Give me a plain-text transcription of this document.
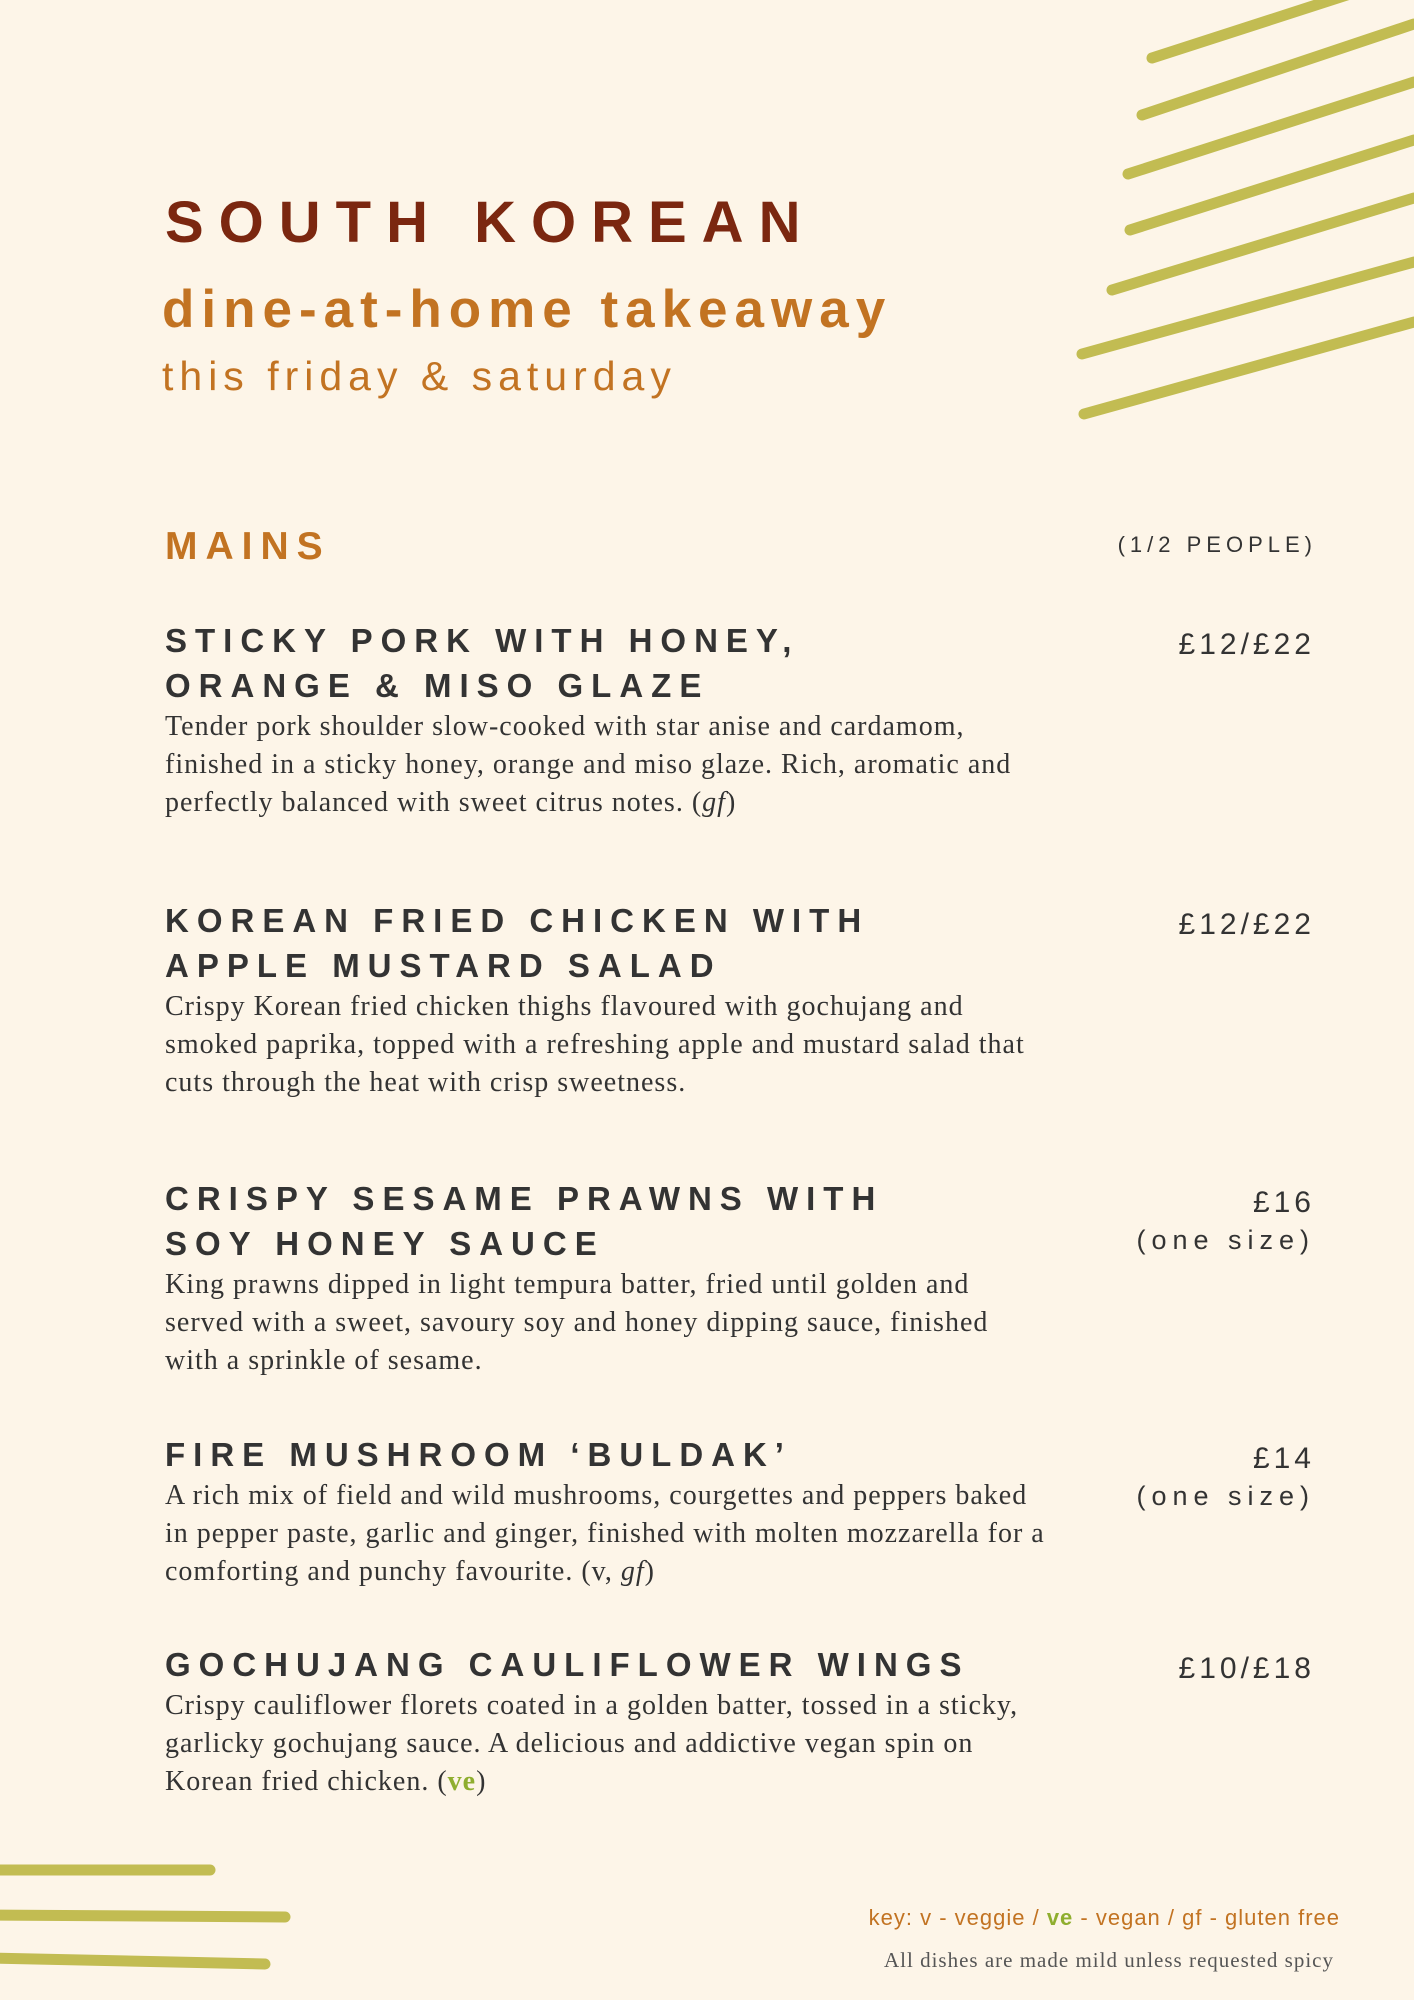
SOUTH KOREAN
dine-at-home takeaway
this friday & saturday
MAINS	(1/2 PEOPLE)
STICKY PORK WITH HONEY,
ORANGE & MISO GLAZE

Tender pork shoulder slow-cooked with star anise and cardamom, finished in a sticky honey, orange and miso glaze. Rich, aromatic and perfectly balanced with sweet citrus notes. (gf)

£12/£22
KOREAN FRIED CHICKEN WITH
APPLE MUSTARD SALAD

Crispy Korean fried chicken thighs flavoured with gochujang and smoked paprika, topped with a refreshing apple and mustard salad that cuts through the heat with crisp sweetness.

£12/£22
CRISPY SESAME PRAWNS WITH
SOY HONEY SAUCE

King prawns dipped in light tempura batter, fried until golden and served with a sweet, savoury soy and honey dipping sauce, finished with a sprinkle of sesame.

£16
(one size)
FIRE MUSHROOM ‘BULDAK’

A rich mix of field and wild mushrooms, courgettes and peppers baked in pepper paste, garlic and ginger, finished with molten mozzarella for a comforting and punchy favourite. (v, gf)

£14
(one size)
GOCHUJANG CAULIFLOWER WINGS

Crispy cauliflower florets coated in a golden batter, tossed in a sticky, garlicky gochujang sauce. A delicious and addictive vegan spin on Korean fried chicken. (ve)

£10/£18
key: v - veggie / ve - vegan / gf - gluten free
All dishes are made mild unless requested spicy
